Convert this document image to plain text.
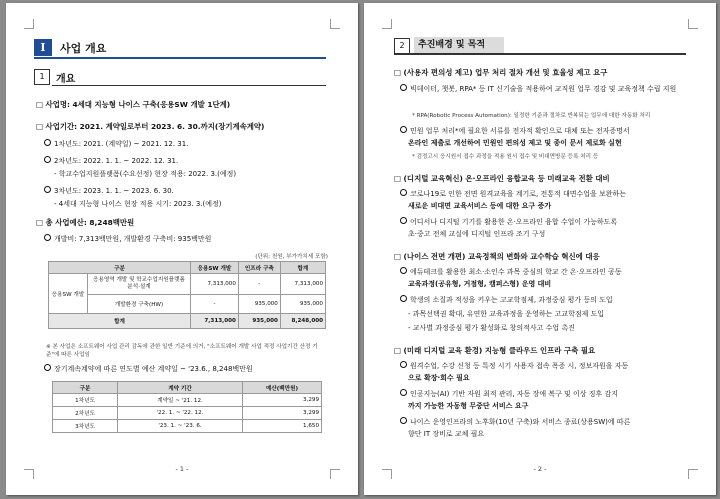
I	사업 개요
1	개요
□ 사업명: 4세대 지능형 나이스 구축(응용SW 개발 1단계)
□ 사업기간: 2021. 계약일로부터 2023. 6. 30.까지(장기계속계약)
1차년도: 2021. (계약일) ~ 2021. 12. 31.
2차년도: 2022. 1. 1. ~ 2022. 12. 31.
- 학교수업지원플랫폼(수요선정) 현장 적용: 2022. 3.(예정)
3차년도: 2023. 1. 1. ~ 2023. 6. 30.
- 4세대 지능형 나이스 현장 적용 시기: 2023. 3.(예정)
□ 총 사업예산: 8,248백만원
개발비: 7,313백만원, 개발환경 구축비: 935백만원
(단위: 천원, 부가가치세 포함)
구분		응용SW 개발	인프라 구축	합계
응용SW 개발	응용영역 개발 및 학교수업지원플랫폼 분석·설계	7,313,000	-	7,313,000
	개발환경 구축(HW)	-	935,000	935,000
합계		7,313,000	935,000	8,248,000
※ 본 사업은 소프트웨어 사업 관리 감독에 관한 일반 기준에 의거, "소프트웨어 개발 사업 적정 사업기간 산정 기준"에 따른 사업임
장기계속계약에 따른 연도별 예산 계약일 ~ '23.6., 8,248백만원
구분	계약 기간	예산(백만원)
1차년도	계약일 ~ '21. 12.	3,299
2차년도	'22. 1. ~ '22. 12.	3,299
3차년도	'23. 1. ~ '23. 6.	1,650
- 1 -
2	추진배경 및 목적
□ (사용자 편의성 제고) 업무 처리 절차 개선 및 효율성 제고 요구
빅데이터, 챗봇, RPA* 등 IT 신기술을 적용하여 교직원 업무 경감 및 교육정책 수립 지원
* RPA(Robotic Process Automation): 일정한 기준과 절차로 반복되는 업무에 대한 자동화 처리
민원 업무 처리*에 필요한 서류를 전자적 확인으로 대체 또는 전자증명서
온라인 제출로 개선하여 민원인 편의성 제고 및 종이 문서 제로화 실현
* 검정고시 응시원서 접수 과정을 적용 원서 접수 및 비대면방문 등록 처리 등
□ (디지털 교육혁신) 온·오프라인 융합교육 등 미래교육 전환 대비
코로나19로 인한 전면 원격교육을 계기로, 전통적 대면수업을 보완하는
새로운 비대면 교육서비스 등에 대한 요구 증가
어디서나 디지털 기기를 활용한 온·오프라인 융합 수업이 가능하도록
초·중고 전체 교실에 디지털 인프라 조기 구성
□ (나이스 전면 개편) 교육정책의 변화와 교수학습 혁신에 대응
에듀테크를 활용한 최소·소인수 과목 중심의 학교 간 온·오프라인 공동
교육과정(공유형, 거점형, 캠퍼스형) 운영 대비
학생의 소질과 적성을 키우는 고교학점제, 과정중심 평가 등의 도입
- 과목선택권 확대, 유연한 교육과정을 운영하는 고교학점제 도입
- 교사별 과정중심 평가 활성화로 창의적사고 수업 촉진
□ (미래 디지털 교육 환경) 지능형 클라우드 인프라 구축 필요
원격수업, 수강 신청 등 특정 시기 사용자 접속 폭증 시, 정보자원을 자동
으로 확장·회수 필요
인공지능(AI) 기반 자원 최적 관리, 자동 장애 복구 및 이상 징후 감지
까지 가능한 자동형 무중단 서비스 요구
나이스 운영인프라의 노후화(10년 구축)와 서비스 종료(상용SW)에 따른
향단 IT 장비로 교체 필요
- 2 -
